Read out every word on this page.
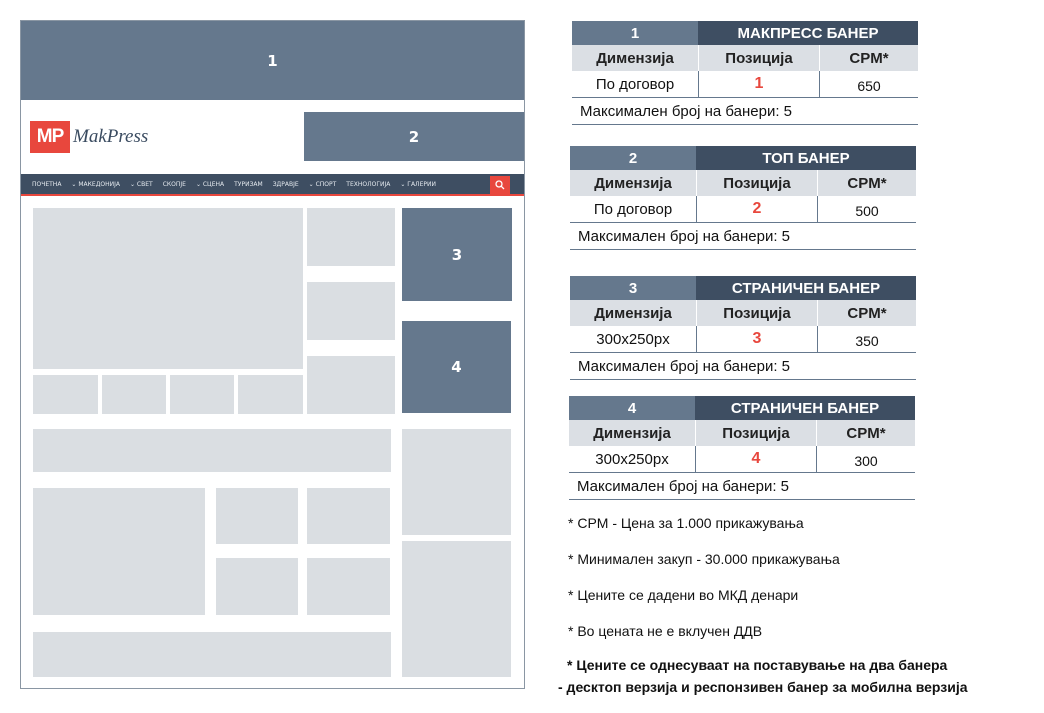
1
MP MakPress	2
ПОЧЕТНА ⌄ МАКЕДОНИЈА ⌄ СВЕТ СКОПЈЕ ⌄ СЦЕНА ТУРИЗАМ ЗДРАВЈЕ ⌄ СПОРТ ТЕХНОЛОГИЈА ⌄ ГАЛЕРИИ
3
4
1	МАКПРЕСС БАНЕР
Димензија	Позиција	CPM*
По договор	1	650
Максимален број на банери: 5
2	ТОП БАНЕР
Димензија	Позиција	CPM*
По договор	2	500
Максимален број на банери: 5
3	СТРАНИЧЕН БАНЕР
Димензија	Позиција	CPM*
300x250px	3	350
Максимален број на банери: 5
4	СТРАНИЧЕН БАНЕР
Димензија	Позиција	CPM*
300x250px	4	300
Максимален број на банери: 5
* CPM - Цена за 1.000 прикажувања
* Минимален закуп - 30.000 прикажувања
* Цените се дадени во МКД денари
* Во цената не е вклучен ДДВ
* Цените се однесуваат на поставување на два банера
- десктоп верзија и респонзивен банер за мобилна верзија
